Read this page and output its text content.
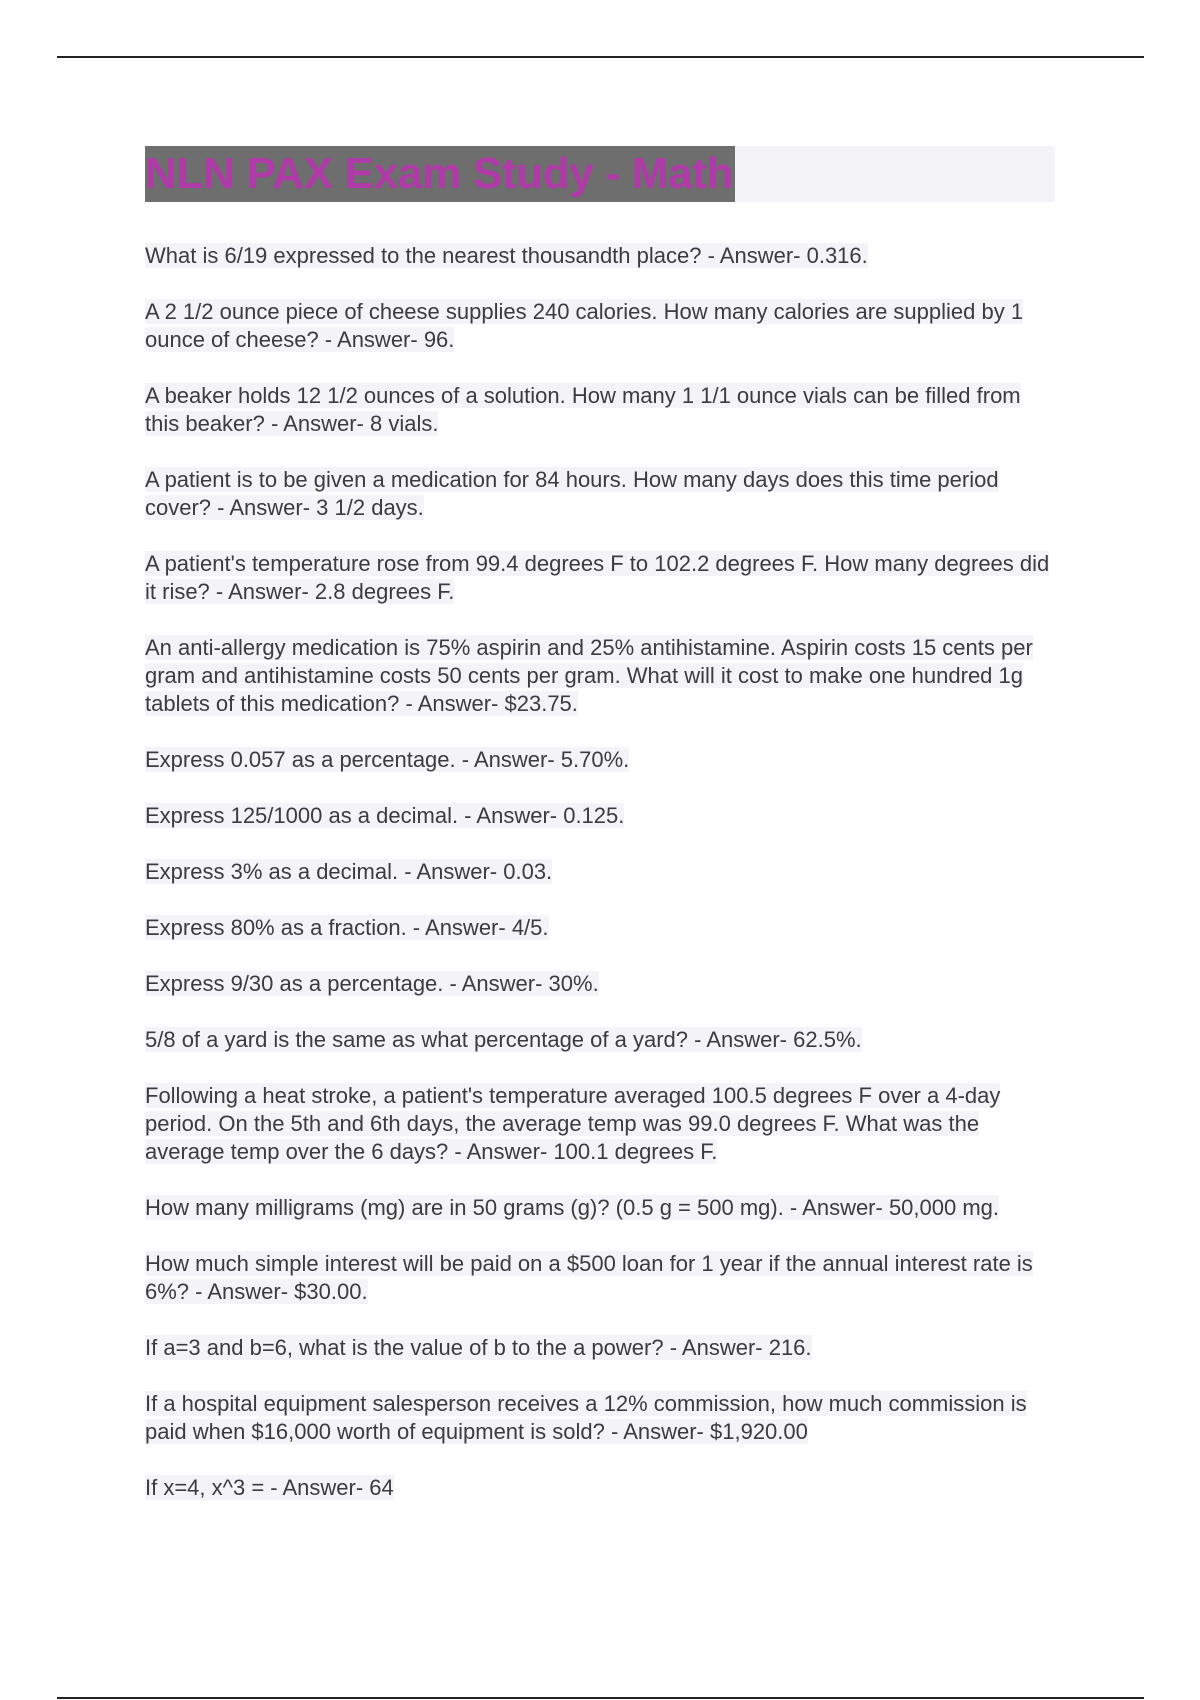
NLN PAX Exam Study - Math
What is 6/19 expressed to the nearest thousandth place? - Answer- 0.316.
A 2 1/2 ounce piece of cheese supplies 240 calories. How many calories are supplied by 1 ounce of cheese? - Answer- 96.
A beaker holds 12 1/2 ounces of a solution. How many 1 1/1 ounce vials can be filled from this beaker? - Answer- 8 vials.
A patient is to be given a medication for 84 hours. How many days does this time period cover? - Answer- 3 1/2 days.
A patient's temperature rose from 99.4 degrees F to 102.2 degrees F. How many degrees did it rise? - Answer- 2.8 degrees F.
An anti-allergy medication is 75% aspirin and 25% antihistamine. Aspirin costs 15 cents per gram and antihistamine costs 50 cents per gram. What will it cost to make one hundred 1g tablets of this medication? - Answer- $23.75.
Express 0.057 as a percentage. - Answer- 5.70%.
Express 125/1000 as a decimal. - Answer- 0.125.
Express 3% as a decimal. - Answer- 0.03.
Express 80% as a fraction. - Answer- 4/5.
Express 9/30 as a percentage. - Answer- 30%.
5/8 of a yard is the same as what percentage of a yard? - Answer- 62.5%.
Following a heat stroke, a patient's temperature averaged 100.5 degrees F over a 4-day period. On the 5th and 6th days, the average temp was 99.0 degrees F. What was the average temp over the 6 days? - Answer- 100.1 degrees F.
How many milligrams (mg) are in 50 grams (g)? (0.5 g = 500 mg). - Answer- 50,000 mg.
How much simple interest will be paid on a $500 loan for 1 year if the annual interest rate is 6%? - Answer- $30.00.
If a=3 and b=6, what is the value of b to the a power? - Answer- 216.
If a hospital equipment salesperson receives a 12% commission, how much commission is paid when $16,000 worth of equipment is sold? - Answer- $1,920.00
If x=4, x^3 = - Answer- 64
